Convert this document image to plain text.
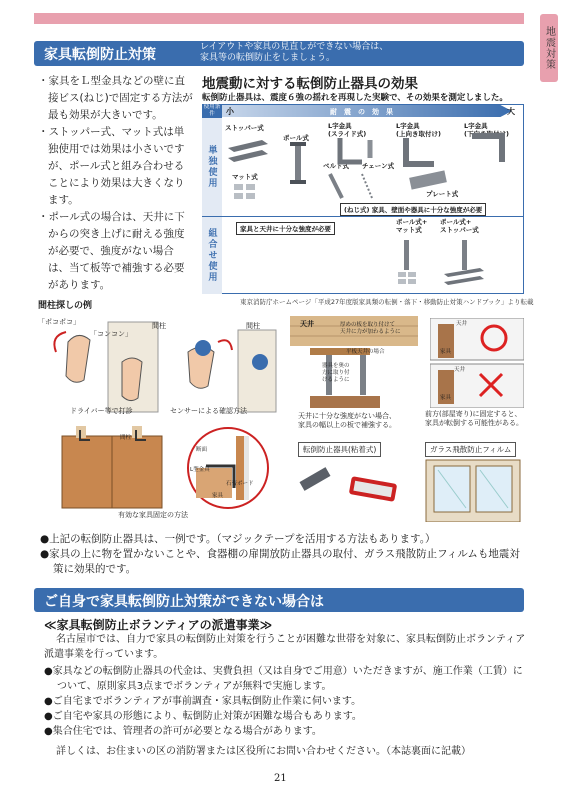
地震対策
家具転倒防止対策	レイアウトや家具の見直しができない場合は、
家具等の転倒防止をしましょう。
・家具をＬ型金具などの壁に直接ビス(ねじ)で固定する方法が最も効果が大きいです。
・ストッパー式、マット式は単独使用では効果は小さいですが、ポール式と組み合わせることにより効果は大きくなります。
・ポール式の場合は、天井に下からの突き上げに耐える強度が必要で、強度がない場合は、当て板等で補強する必要があります。
間柱探しの例
地震動に対する転倒防止器具の効果
転倒防止器具は、震度６強の揺れを再現した実験で、その効果を測定しました。
使用条件	小	大
耐　震　の　効　果
単独使用
組合せ使用
ストッパー式
マット式
ポール式
L字金具
(スライド式)
L字金具
(上向き取付け)
L字金具
(下向き取付け)
ベルト式 チェーン式
プレート式
(ねじ式) 家具、壁面や器具に十分な強度が必要
家具と天井に十分な強度が必要
ポール式+
マット式
ポール式+
ストッパー式
東京消防庁ホームページ「平成27年度版家具類の転倒・落下・移動防止対策ハンドブック」より転載
「ポコポコ」
「コンコン」
間柱	間柱
ドライバー等で打診	センサーによる確認方法
天井	厚めの板を取り付けて
天井に力が加わるように
平板天井の場合
器具を奥の
方に取り付
けるように
天井に十分な強度がない場合、
家具の幅以上の板で補強する。
天井
天井
家具
家具
前方(部屋寄り)に固定すると、
家具が転倒する可能性がある。
間柱
断面
L型金具
石膏ボード
家具
有効な家具固定の方法
転倒防止器具(粘着式)	ガラス飛散防止フィルム
●上記の転倒防止器具は、一例です。（マジックテープを活用する方法もあります。）
●家具の上に物を置かないことや、食器棚の扉開放防止器具の取付、ガラス飛散防止フィルムも地震対策に効果的です。
ご自身で家具転倒防止対策ができない場合は
≪家具転倒防止ボランティアの派遣事業≫
名古屋市では、自力で家具の転倒防止対策を行うことが困難な世帯を対象に、家具転倒防止ボランティア派遣事業を行っています。
●家具などの転倒防止器具の代金は、実費負担（又は自身でご用意）いただきますが、施工作業（工賃）について、原則家具3点までボランティアが無料で実施します。
●ご自宅までボランティアが事前調査・家具転倒防止作業に伺います。
●ご自宅や家具の形態により、転倒防止対策が困難な場合もあります。
●集合住宅では、管理者の許可が必要となる場合があります。
詳しくは、お住まいの区の消防署または区役所にお問い合わせください。（本誌裏面に記載）
21
